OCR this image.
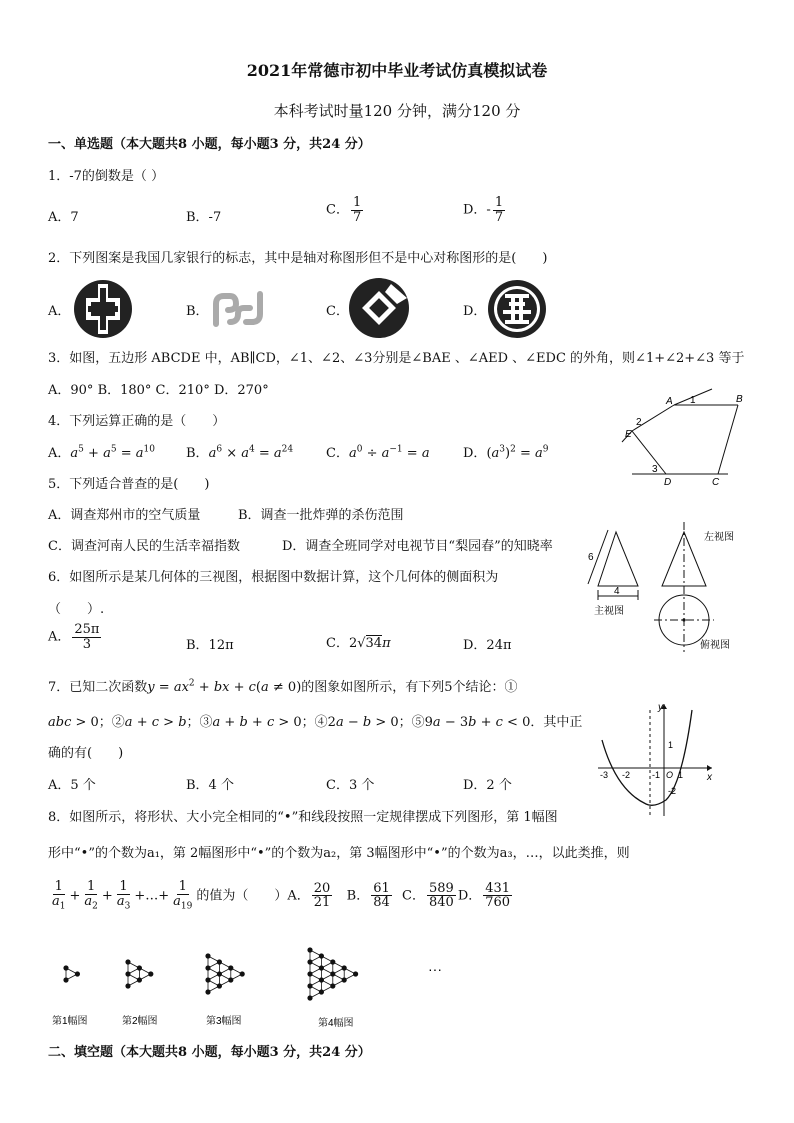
2021年常德市初中毕业考试仿真模拟试卷
本科考试时量120 分钟，满分120 分
一、单选题（本大题共8 小题，每小题3 分，共24 分）
1．-7的倒数是（ ）
A．7	B．-7	C． $\frac{1}{7}$	D．- $\frac{1}{7}$
2．下列图案是我国几家银行的标志，其中是轴对称图形但不是中心对称图形的是(　　)
A．	B．	C．	D．
3．如图，五边形 ABCDE 中，AB∥CD，∠1、∠2、∠3分别是∠BAE 、∠AED 、∠EDC 的外角，则∠1+∠2+∠3 等于
A．90° B．180° C．210° D．270°
A	B
1
2
E
3
D	C
4．下列运算正确的是（　　）
A．$a^5 + a^5 = a^{10}$ B．$a^6 \times a^4 = a^{24}$	C．$a^0 \div a^{-1} = a$	D．$(a^3)^2 = a^9$
5．下列适合普查的是(　　)
A．调查郑州市的空气质量	B．调查一批炸弹的杀伤范围
C．调查河南人民的生活幸福指数	D．调查全班同学对电视节目“梨园春”的知晓率
6．如图所示是某几何体的三视图，根据图中数据计算，这个几何体的侧面积为
（　　）.
A． $\frac{25\pi}{3}$	B．12π	C．2√34π	D．24π
6
4
主视图
左视图
俯视图
7．已知二次函数$y = ax^2$ + bx + c(a ≠ 0)的图象如图所示，有下列5个结论：①
abc > 0；②a + c > b；③a + b + c > 0；④2a − b > 0；⑤9a − 3b + c < 0．其中正
确的有(　　)
A．5 个	B．4 个	C．3 个	D．2 个
y
x
O
1
-2
1
-1
-2
-3
8．如图所示，将形状、大小完全相同的“•”和线段按照一定规律摆成下列图形，第 1幅图
形中“•”的个数为a₁，第 2幅图形中“•”的个数为a₂，第 3幅图形中“•”的个数为a₃，…，以此类推，则
$\frac{1}{a_1} + \frac{1}{a_2} + \frac{1}{a_3}$ +…+ $\frac{1}{a_{19}}$ 的值为（　　）A． $\frac{20}{21}$ B． $\frac{61}{84}$ C． $\frac{589}{840}$ D． $\frac{431}{760}$
第1幅图	第2幅图	第3幅图	第4幅图
···
二、填空题（本大题共8 小题，每小题3 分，共24 分）
